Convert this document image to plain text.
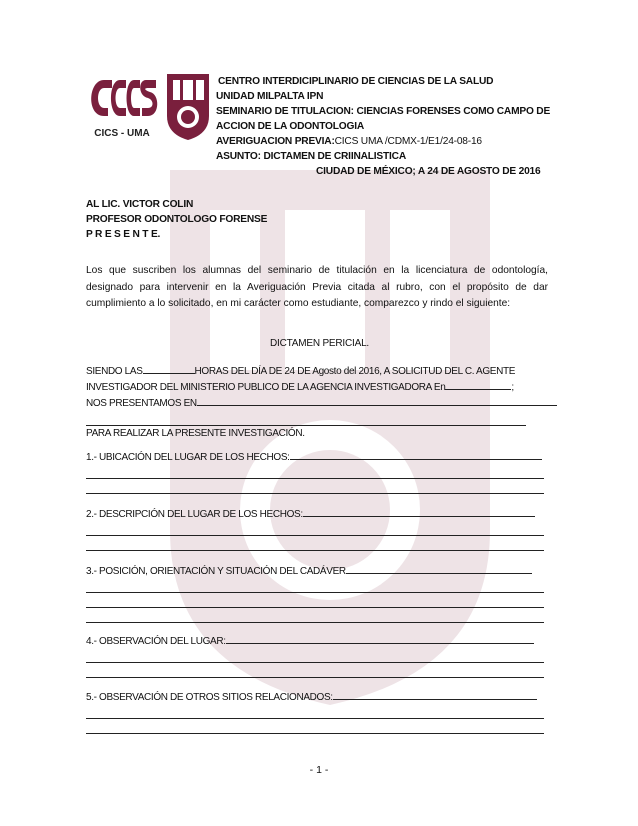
CICS - UMA
CENTRO INTERDICIPLINARIO DE CIENCIAS DE LA SALUD
UNIDAD MILPALTA IPN
SEMINARIO DE TITULACION: CIENCIAS FORENSES COMO CAMPO DE
ACCION DE LA ODONTOLOGIA
AVERIGUACION PREVIA:CICS UMA /CDMX-1/E1/24-08-16
ASUNTO: DICTAMEN DE CRIINALISTICA
CIUDAD DE MÉXICO; A 24 DE AGOSTO DE 2016
AL LIC. VICTOR COLIN
PROFESOR ODONTOLOGO FORENSE
P R E S E N T E.
Los que suscriben los alumnas del seminario de titulación en la licenciatura de odontología, designado para intervenir en la Averiguación Previa citada al rubro, con el propósito de dar cumplimiento a lo solicitado, en mi carácter como estudiante, comparezco y rindo el siguiente:
DICTAMEN PERICIAL.
SIENDO LAS	HORAS DEL DÍA DE 24 DE Agosto del 2016, A SOLICITUD DEL C. AGENTE
INVESTIGADOR DEL MINISTERIO PUBLICO DE LA AGENCIA INVESTIGADORA En	;
NOS PRESENTAMOS EN
PARA REALIZAR LA PRESENTE INVESTIGACIÓN.
1.- UBICACIÓN DEL LUGAR DE LOS HECHOS:
2.- DESCRIPCIÓN DEL LUGAR DE LOS HECHOS:
3.- POSICIÓN, ORIENTACIÓN Y SITUACIÓN DEL CADÁVER
4.- OBSERVACIÓN DEL LUGAR:
5.- OBSERVACIÓN DE OTROS SITIOS RELACIONADOS:
- 1 -
